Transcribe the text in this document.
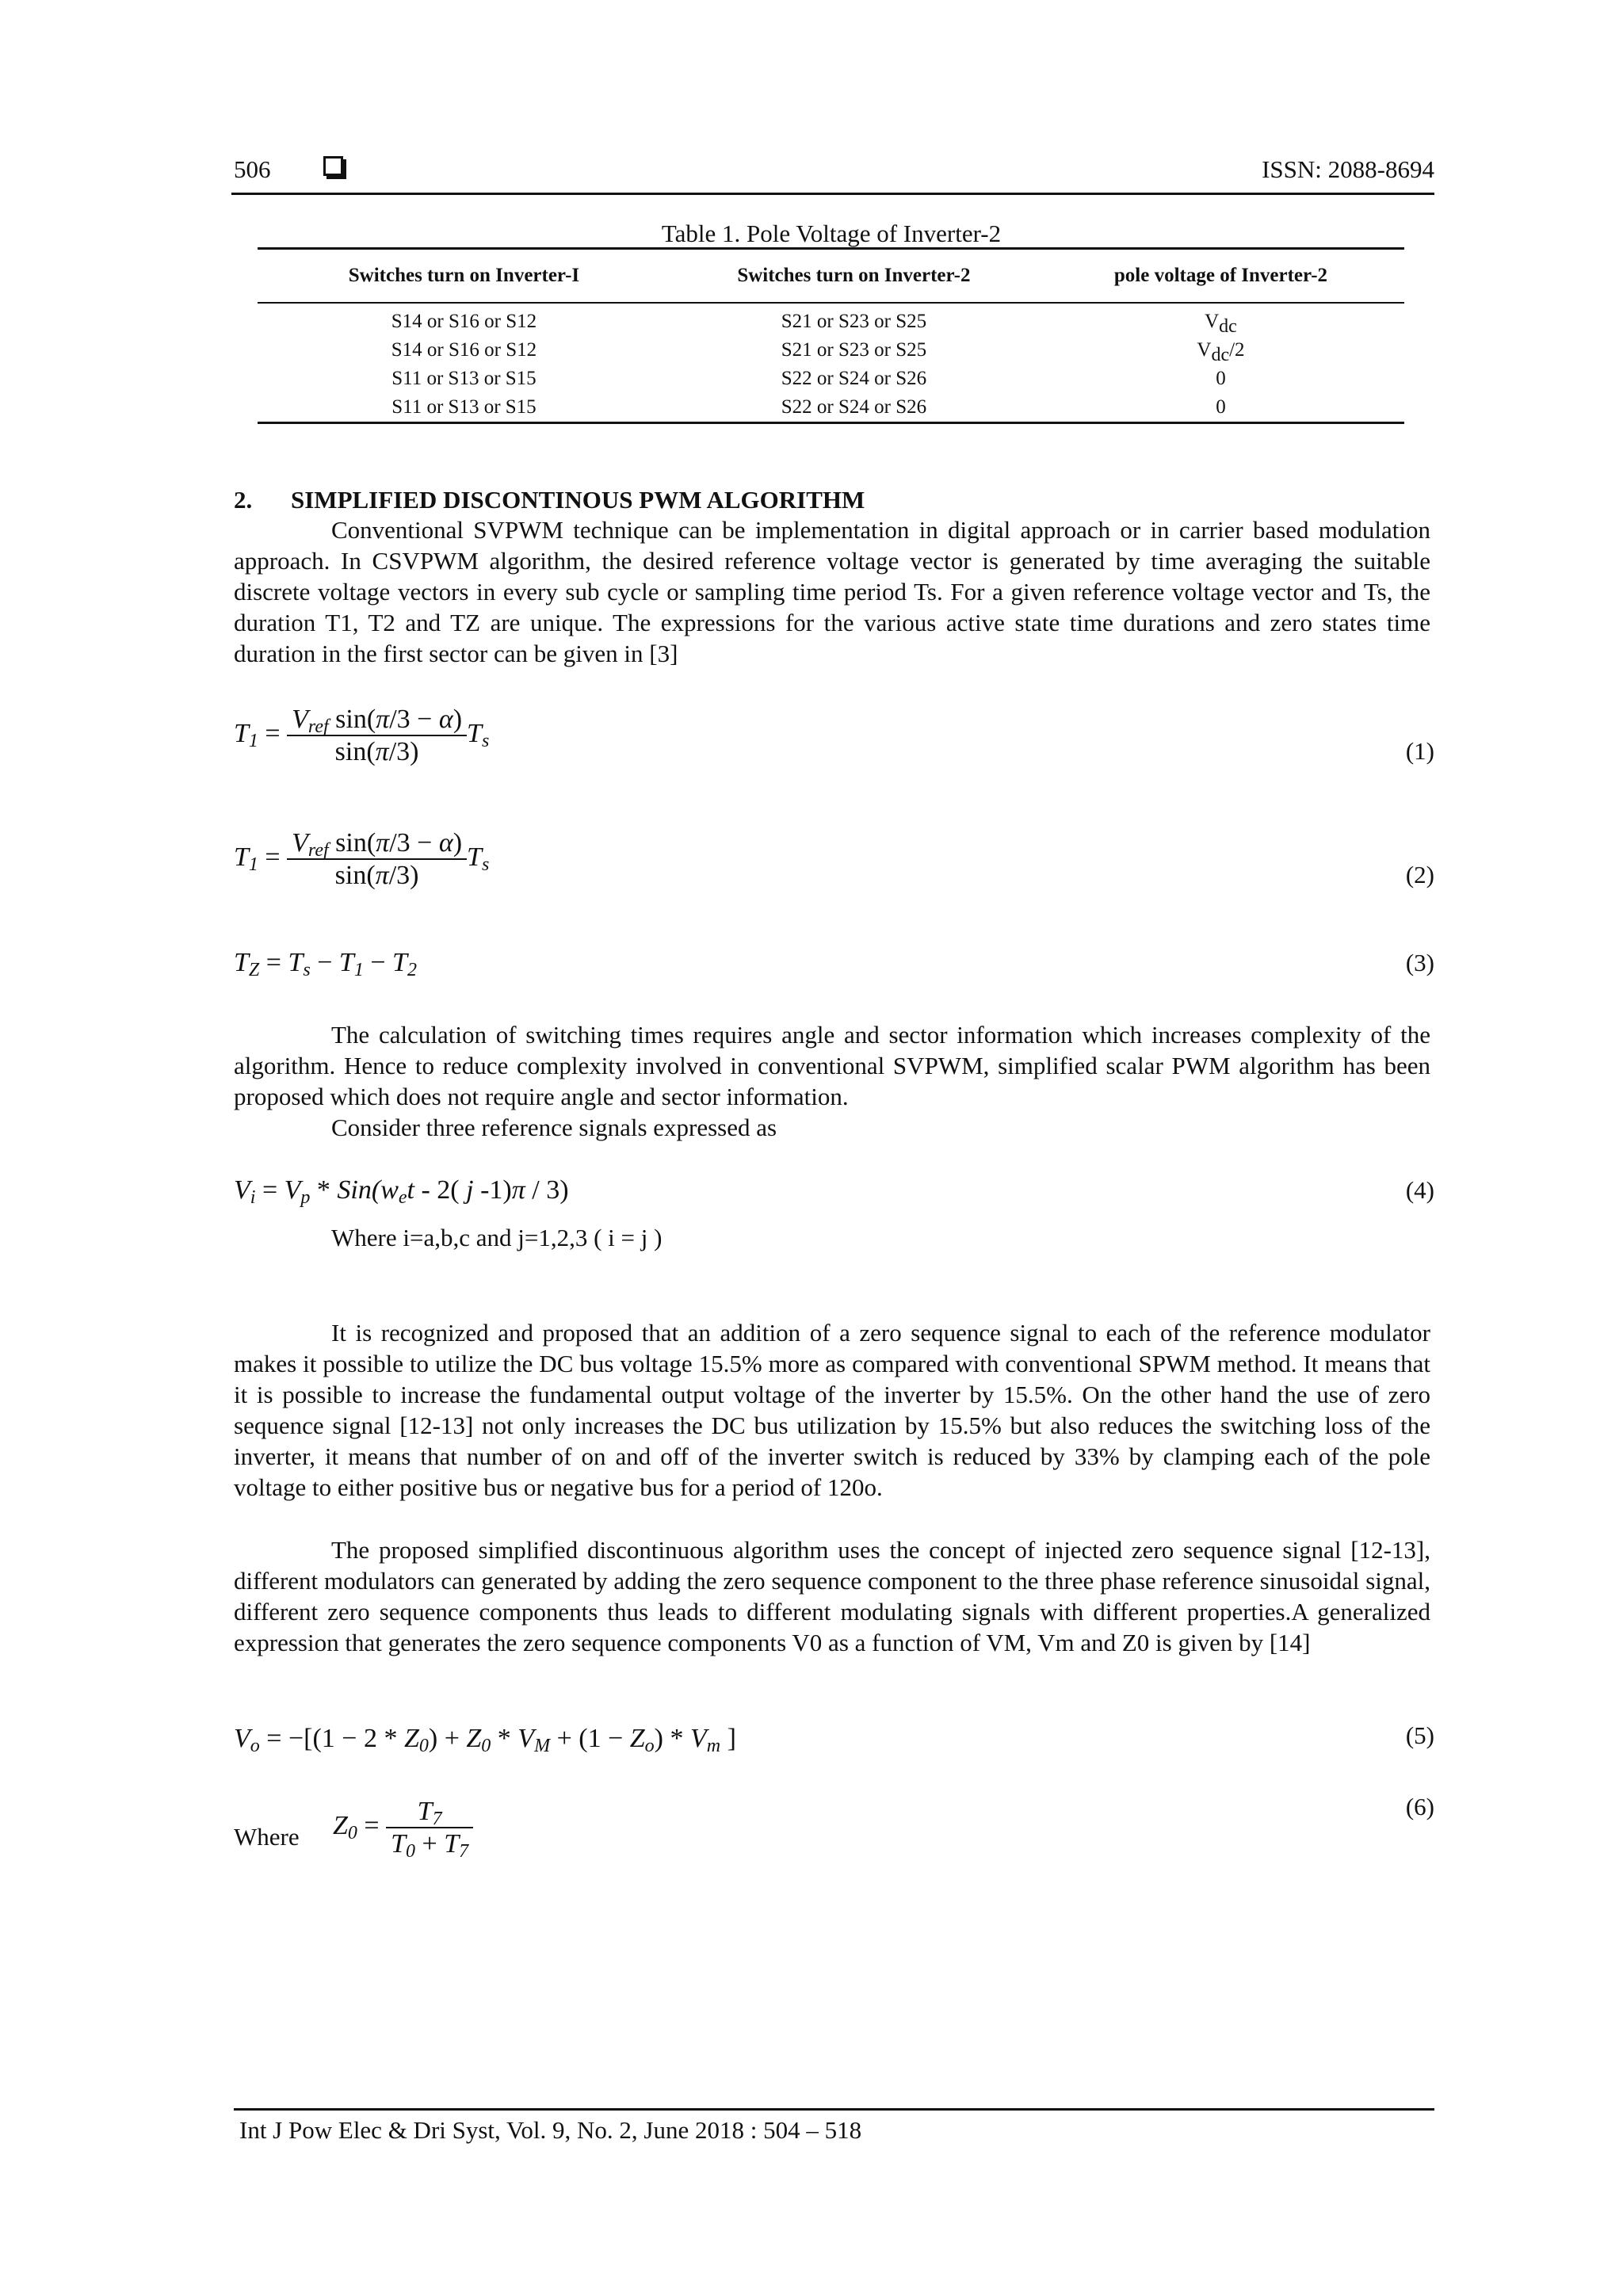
506	ISSN: 2088-8694
Table 1. Pole Voltage of Inverter-2
Switches turn on Inverter-I	Switches turn on Inverter-2	pole voltage of Inverter-2
S14 or S16 or S12	S21 or S23 or S25	$V_{dc}$
S14 or S16 or S12	S21 or S23 or S25	$V_{dc}/2$
S11 or S13 or S15	S22 or S24 or S26	0
S11 or S13 or S15	S22 or S24 or S26	0
2. SIMPLIFIED DISCONTINOUS PWM ALGORITHM
Conventional SVPWM technique can be implementation in digital approach or in carrier based modulation approach. In CSVPWM algorithm, the desired reference voltage vector is generated by time averaging the suitable discrete voltage vectors in every sub cycle or sampling time period Ts. For a given reference voltage vector and Ts, the duration T1, T2 and TZ are unique. The expressions for the various active state time durations and zero states time duration in the first sector can be given in [3]
$T_1 = \frac{V_{ref} \sin(\pi/3 - \alpha)}{\sin(\pi/3)} T_s$	(1)
$T_1 = \frac{V_{ref} \sin(\pi/3 - \alpha)}{\sin(\pi/3)} T_s$	(2)
$T_Z = T_s - T_1 - T_2$	(3)
The calculation of switching times requires angle and sector information which increases complexity of the algorithm. Hence to reduce complexity involved in conventional SVPWM, simplified scalar PWM algorithm has been proposed which does not require angle and sector information.
Consider three reference signals expressed as
$V_i = V_p * Sin(w_et - 2$( j -1)π / 3)	(4)
Where i=a,b,c and j=1,2,3 ( i = j )
It is recognized and proposed that an addition of a zero sequence signal to each of the reference modulator makes it possible to utilize the DC bus voltage 15.5% more as compared with conventional SPWM method. It means that it is possible to increase the fundamental output voltage of the inverter by 15.5%. On the other hand the use of zero sequence signal [12-13] not only increases the DC bus utilization by 15.5% but also reduces the switching loss of the inverter, it means that number of on and off of the inverter switch is reduced by 33% by clamping each of the pole voltage to either positive bus or negative bus for a period of 120o.
The proposed simplified discontinuous algorithm uses the concept of injected zero sequence signal [12-13], different modulators can generated by adding the zero sequence component to the three phase reference sinusoidal signal, different zero sequence components thus leads to different modulating signals with different properties.A generalized expression that generates the zero sequence components V0 as a function of VM, Vm and Z0 is given by [14]
$V_o = -[(1 - 2 * Z_0) + Z_0 * V_M + (1 - Z_o) * V_m$ ]	(5)
Where $Z_0 = \frac{T_7}{T_0 + T_7}$	(6)
Int J Pow Elec & Dri Syst, Vol. 9, No. 2, June 2018 : 504 – 518
